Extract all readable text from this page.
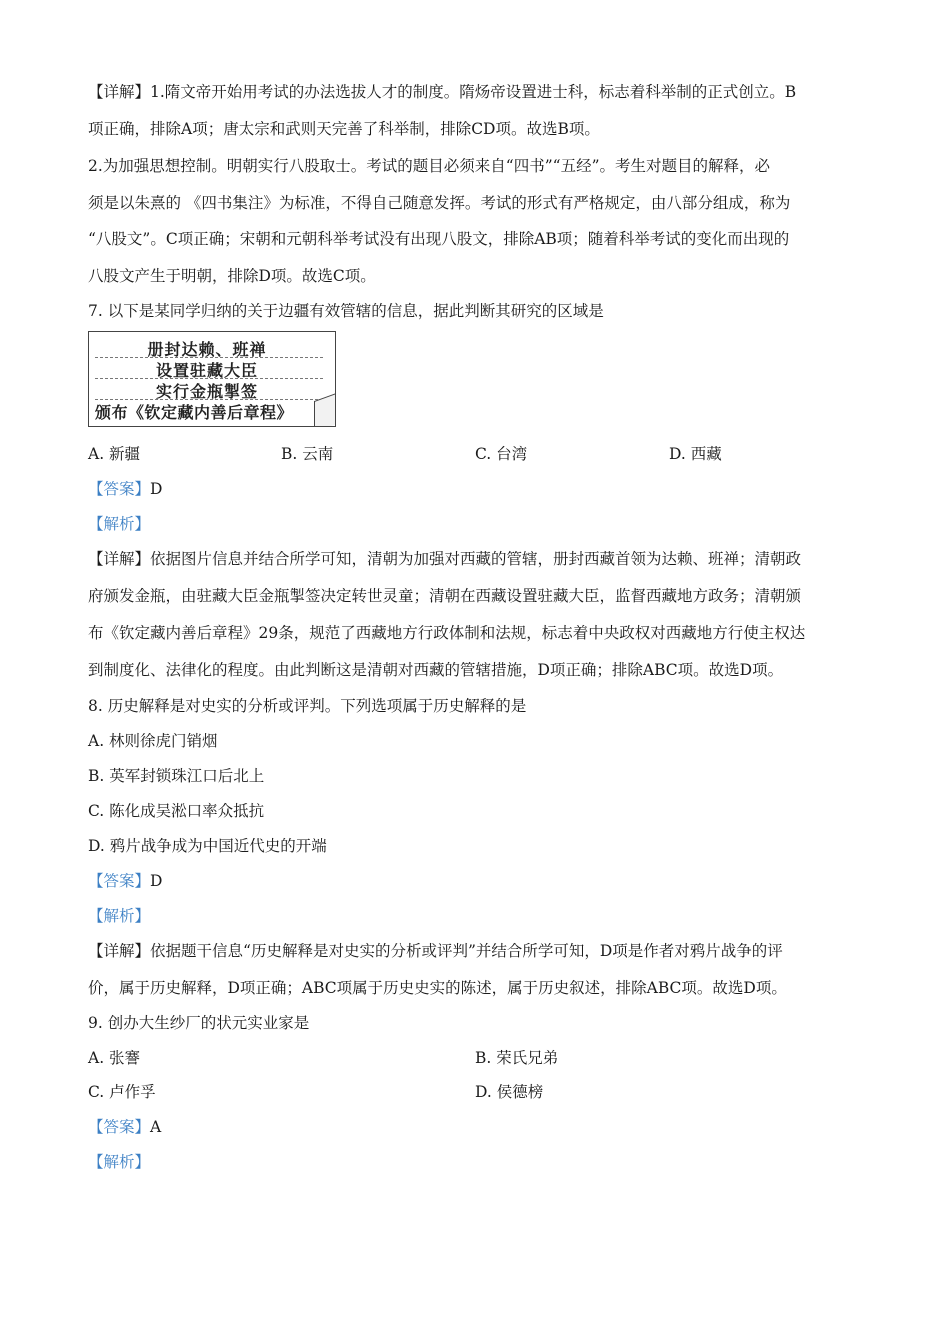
【详解】1.隋文帝开始用考试的办法选拔人才的制度。隋炀帝设置进士科，标志着科举制的正式创立。B
项正确，排除A项；唐太宗和武则天完善了科举制，排除CD项。故选B项。
2.为加强思想控制。明朝实行八股取士。考试的题目必须来自“四书”“五经”。考生对题目的解释，必
须是以朱熹的 《四书集注》为标准，不得自己随意发挥。考试的形式有严格规定，由八部分组成，称为
“八股文”。C项正确；宋朝和元朝科举考试没有出现八股文，排除AB项；随着科举考试的变化而出现的
八股文产生于明朝，排除D项。故选C项。
7. 以下是某同学归纳的关于边疆有效管辖的信息，据此判断其研究的区域是
册封达赖、班禅
设置驻藏大臣
实行金瓶掣签
颁布《钦定藏内善后章程》
A. 新疆	B. 云南	C. 台湾	D. 西藏
【答案】D
【解析】
【详解】依据图片信息并结合所学可知，清朝为加强对西藏的管辖，册封西藏首领为达赖、班禅；清朝政
府颁发金瓶，由驻藏大臣金瓶掣签决定转世灵童；清朝在西藏设置驻藏大臣，监督西藏地方政务；清朝颁
布《钦定藏内善后章程》29条，规范了西藏地方行政体制和法规，标志着中央政权对西藏地方行使主权达
到制度化、法律化的程度。由此判断这是清朝对西藏的管辖措施，D项正确；排除ABC项。故选D项。
8. 历史解释是对史实的分析或评判。下列选项属于历史解释的是
A. 林则徐虎门销烟
B. 英军封锁珠江口后北上
C. 陈化成吴淞口率众抵抗
D. 鸦片战争成为中国近代史的开端
【答案】D
【解析】
【详解】依据题干信息“历史解释是对史实的分析或评判”并结合所学可知，D项是作者对鸦片战争的评
价，属于历史解释，D项正确；ABC项属于历史史实的陈述，属于历史叙述，排除ABC项。故选D项。
9. 创办大生纱厂的状元实业家是
A. 张謇	B. 荣氏兄弟
C. 卢作孚	D. 侯德榜
【答案】A
【解析】
